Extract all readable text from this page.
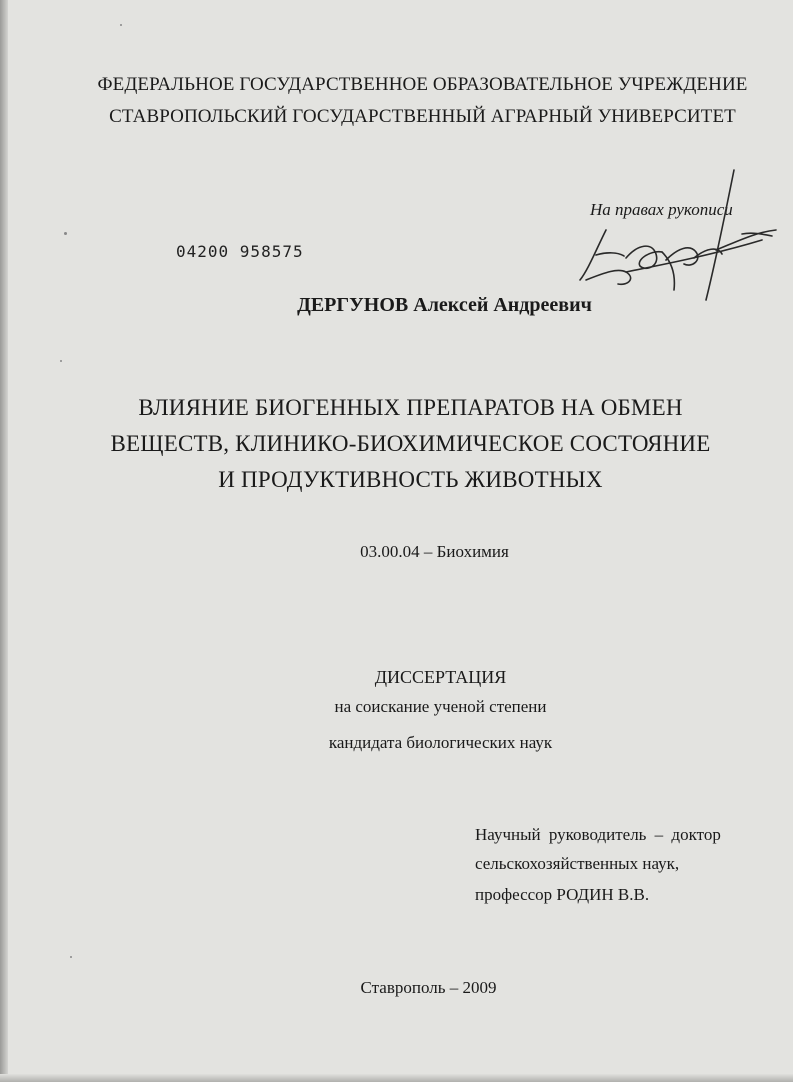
ФЕДЕРАЛЬНОЕ ГОСУДАРСТВЕННОЕ ОБРАЗОВАТЕЛЬНОЕ УЧРЕЖДЕНИЕ
СТАВРОПОЛЬСКИЙ ГОСУДАРСТВЕННЫЙ АГРАРНЫЙ УНИВЕРСИТЕТ
На правах рукописи
04200 958575
ДЕРГУНОВ Алексей Андреевич
ВЛИЯНИЕ БИОГЕННЫХ ПРЕПАРАТОВ НА ОБМЕН
ВЕЩЕСТВ, КЛИНИКО-БИОХИМИЧЕСКОЕ СОСТОЯНИЕ
И ПРОДУКТИВНОСТЬ ЖИВОТНЫХ
03.00.04 – Биохимия
ДИССЕРТАЦИЯ
на соискание ученой степени
кандидата биологических наук
Научный руководитель – доктор
сельскохозяйственных наук,
профессор РОДИН В.В.
Ставрополь – 2009
